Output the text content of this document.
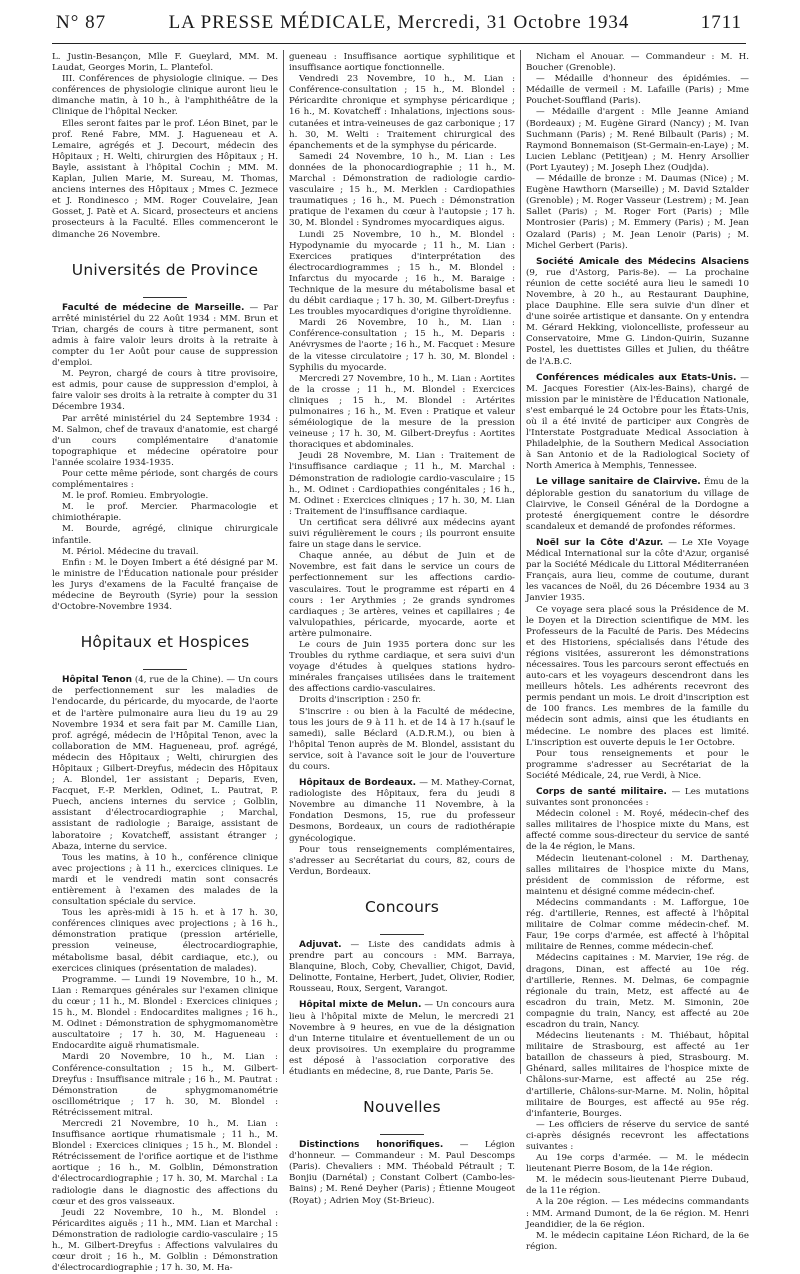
N° 87	LA PRESSE MÉDICALE, Mercredi, 31 Octobre 1934	1711

L. Justin-Besançon, Mlle F. Gueylard, MM. M. Laudat, Georges Morin, L. Plantefol.

III. Conférences de physiologie clinique. — Des conférences de physiologie clinique auront lieu le dimanche matin, à 10 h., à l'amphithéâtre de la Clinique de l'hôpital Necker.

Elles seront faites par le prof. Léon Binet, par le prof. René Fabre, MM. J. Hagueneau et A. Lemaire, agrégés et J. Decourt, médecin des Hôpitaux ; H. Welti, chirurgien des Hôpitaux ; H. Bayle, assistant à l'hôpital Cochin ; MM. M. Kaplan, Julien Marie, M. Sureau, M. Thomas, anciens internes des Hôpitaux ; Mmes C. Jezmece et J. Rondinesco ; MM. Roger Couvelaire, Jean Gosset, J. Patè et A. Sicard, prosecteurs et anciens prosecteurs à la Faculté. Elles commenceront le dimanche 26 Novembre.

Universités de Province

Faculté de médecine de Marseille. — Par arrêté ministériel du 22 Août 1934 : MM. Brun et Trian, chargés de cours à titre permanent, sont admis à faire valoir leurs droits à la retraite à compter du 1er Août pour cause de suppression d'emploi.

M. Peyron, chargé de cours à titre provisoire, est admis, pour cause de suppression d'emploi, à faire valoir ses droits à la retraite à compter du 31 Décembre 1934.

Par arrêté ministériel du 24 Septembre 1934 : M. Salmon, chef de travaux d'anatomie, est chargé d'un cours complémentaire d'anatomie topographique et médecine opératoire pour l'année scolaire 1934-1935.

Pour cette même période, sont chargés de cours complémentaires :

M. le prof. Romieu. Embryologie.

M. le prof. Mercier. Pharmacologie et chimiothérapie.

M. Bourde, agrégé, clinique chirurgicale infantile.

M. Périol. Médecine du travail.

Enfin : M. le Doyen Imbert a été désigné par M. le ministre de l'Éducation nationale pour présider les Jurys d'examens de la Faculté française de médecine de Beyrouth (Syrie) pour la session d'Octobre-Novembre 1934.

Hôpitaux et Hospices

Hôpital Tenon (4, rue de la Chine). — Un cours de perfectionnement sur les maladies de l'endocarde, du péricarde, du myocarde, de l'aorte et de l'artère pulmonaire aura lieu du 19 au 29 Novembre 1934 et sera fait par M. Camille Lian, prof. agrégé, médecin de l'Hôpital Tenon, avec la collaboration de MM. Hagueneau, prof. agrégé, médecin des Hôpitaux ; Welti, chirurgien des Hôpitaux ; Gilbert-Dreyfus, médecin des Hôpitaux ; A. Blondel, 1er assistant ; Deparis, Even, Facquet, F.-P. Merklen, Odinet, L. Pautrat, P. Puech, anciens internes du service ; Golblin, assistant d'électrocardiographie ; Marchal, assistant de radiologie ; Baraige, assistant de laboratoire ; Kovatcheff, assistant étranger ; Abaza, interne du service.

Tous les matins, à 10 h., conférence clinique avec projections ; à 11 h., exercices cliniques. Le mardi et le vendredi matin sont consacrés entièrement à l'examen des malades de la consultation spéciale du service.

Tous les après-midi à 15 h. et à 17 h. 30, conférences cliniques avec projections ; à 16 h., démonstration pratique (pression artérielle, pression veineuse, électrocardiographie, métabolisme basal, débit cardiaque, etc.), ou exercices cliniques (présentation de malades).

Programme. — Lundi 19 Novembre, 10 h., M. Lian : Remarques générales sur l'examen clinique du cœur ; 11 h., M. Blondel : Exercices cliniques ; 15 h., M. Blondel : Endocardites malignes ; 16 h., M. Odinet : Démonstration de sphygmomanomètre auscultatoire ; 17 h. 30, M. Hagueneau : Endocardite aiguë rhumatismale.

Mardi 20 Novembre, 10 h., M. Lian : Conférence-consultation ; 15 h., M. Gilbert-Dreyfus : Insuffisance mitrale ; 16 h., M. Pautrat : Démonstration de sphygmomanométrie oscillométrique ; 17 h. 30, M. Blondel : Rétrécissement mitral.

Mercredi 21 Novembre, 10 h., M. Lian : Insuffisance aortique rhumatismale ; 11 h., M. Blondel : Exercices cliniques ; 15 h., M. Blondel : Rétrécissement de l'orifice aortique et de l'isthme aortique ; 16 h., M. Golblin, Démonstration d'électrocardiographie ; 17 h. 30, M. Marchal : La radiologie dans le diagnostic des affections du cœur et des gros vaisseaux.

Jeudi 22 Novembre, 10 h., M. Blondel : Péricardites aiguës ; 11 h., MM. Lian et Marchal : Démonstration de radiologie cardio-vasculaire ; 15 h., M. Gilbert-Dreyfus : Affections valvulaires du cœur droit ; 16 h., M. Golblin : Démonstration d'électrocardiographie ; 17 h. 30, M. Ha-

gueneau : Insuffisance aortique syphilitique et insuffisance aortique fonctionnelle.

Vendredi 23 Novembre, 10 h., M. Lian : Conférence-consultation ; 15 h., M. Blondel : Péricardite chronique et symphyse péricardique ; 16 h., M. Kovatcheff : Inhalations, injections sous-cutanées et intra-veineuses de gaz carbonique ; 17 h. 30, M. Welti : Traitement chirurgical des épanchements et de la symphyse du péricarde.

Samedi 24 Novembre, 10 h., M. Lian : Les données de la phonocardiographie ; 11 h., M. Marchal : Démonstration de radiologie cardio-vasculaire ; 15 h., M. Merklen : Cardiopathies traumatiques ; 16 h., M. Puech : Démonstration pratique de l'examen du cœur à l'autopsie ; 17 h. 30, M. Blondel : Syndromes myocardiques aigus.

Lundi 25 Novembre, 10 h., M. Blondel : Hypodynamie du myocarde ; 11 h., M. Lian : Exercices pratiques d'interprétation des électrocardiogrammes ; 15 h., M. Blondel : Infarctus du myocarde ; 16 h., M. Baraige : Technique de la mesure du métabolisme basal et du débit cardiaque ; 17 h. 30, M. Gilbert-Dreyfus : Les troubles myocardiques d'origine thyroïdienne.

Mardi 26 Novembre, 10 h., M. Lian : Conférence-consultation ; 15 h., M. Deparis : Anévrysmes de l'aorte ; 16 h., M. Facquet : Mesure de la vitesse circulatoire ; 17 h. 30, M. Blondel : Syphilis du myocarde.

Mercredi 27 Novembre, 10 h., M. Lian : Aortites de la crosse ; 11 h., M. Blondel : Exercices cliniques ; 15 h., M. Blondel : Artérites pulmonaires ; 16 h., M. Even : Pratique et valeur séméiologique de la mesure de la pression veineuse ; 17 h. 30, M. Gilbert-Dreyfus : Aortites thoraciques et abdominales.

Jeudi 28 Novembre, M. Lian : Traitement de l'insuffisance cardiaque ; 11 h., M. Marchal : Démonstration de radiologie cardio-vasculaire ; 15 h., M. Odinet : Cardiopathies congénitales ; 16 h., M. Odinet : Exercices cliniques ; 17 h. 30, M. Lian : Traitement de l'insuffisance cardiaque.

Un certificat sera délivré aux médecins ayant suivi régulièrement le cours ; ils pourront ensuite faire un stage dans le service.

Chaque année, au début de Juin et de Novembre, est fait dans le service un cours de perfectionnement sur les affections cardio-vasculaires. Tout le programme est réparti en 4 cours : 1er Arythmies ; 2e grands syndromes cardiaques ; 3e artères, veines et capillaires ; 4e valvulopathies, péricarde, myocarde, aorte et artère pulmonaire.

Le cours de Juin 1935 portera donc sur les Troubles du rythme cardiaque, et sera suivi d'un voyage d'études à quelques stations hydro-minérales françaises utilisées dans le traitement des affections cardio-vasculaires.

Droits d'inscription : 250 fr.

S'inscrire : ou bien à la Faculté de médecine, tous les jours de 9 à 11 h. et de 14 à 17 h.(sauf le samedi), salle Béclard (A.D.R.M.), ou bien à l'hôpital Tenon auprès de M. Blondel, assistant du service, soit à l'avance soit le jour de l'ouverture du cours.

Hôpitaux de Bordeaux. — M. Mathey-Cornat, radiologiste des Hôpitaux, fera du jeudi 8 Novembre au dimanche 11 Novembre, à la Fondation Desmons, 15, rue du professeur Desmons, Bordeaux, un cours de radiothérapie gynécologique.

Pour tous renseignements complémentaires, s'adresser au Secrétariat du cours, 82, cours de Verdun, Bordeaux.

Concours

Adjuvat. — Liste des candidats admis à prendre part au concours : MM. Barraya, Blanquine, Bloch, Coby, Chevallier, Chigot, David, Delinotte, Fontaine, Herbert, Judet, Olivier, Rodier, Rousseau, Roux, Sergent, Varangot.

Hôpital mixte de Melun. — Un concours aura lieu à l'hôpital mixte de Melun, le mercredi 21 Novembre à 9 heures, en vue de la désignation d'un Interne titulaire et éventuellement de un ou deux provisoires. Un exemplaire du programme est déposé à l'association corporative des étudiants en médecine, 8, rue Dante, Paris 5e.

Nouvelles

Distinctions honorifiques. — Légion d'honneur. — Commandeur : M. Paul Descomps (Paris). Chevaliers : MM. Théobald Pétrault ; T. Bonjiu (Darnétal) ; Constant Colbert (Cambo-les-Bains) ; M. René Deyher (Paris) ; Étienne Mougeot (Royat) ; Adrien Moy (St-Brieuc).

Nicham el Anouar. — Commandeur : M. H. Boucher (Grenoble).

— Médaille d'honneur des épidémies. — Médaille de vermeil : M. Lafaille (Paris) ; Mme Pouchet-Souffland (Paris).

— Médaille d'argent : Mlle Jeanne Amiand (Bordeaux) ; M. Eugène Girard (Nancy) ; M. Ivan Suchmann (Paris) ; M. René Bilbault (Paris) ; M. Raymond Bonnemaison (St-Germain-en-Laye) ; M. Lucien Leblanc (Petitjean) ; M. Henry Arsollier (Port Lyautey) ; M. Joseph Lhez (Oudjda).

— Médaille de bronze : M. Daumas (Nice) ; M. Eugène Hawthorn (Marseille) ; M. David Sztalder (Grenoble) ; M. Roger Vasseur (Lestrem) ; M. Jean Sallet (Paris) ; M. Roger Fort (Paris) ; Mlle Montrosier (Paris) ; M. Emmery (Paris) ; M. Jean Ozalard (Paris) ; M. Jean Lenoir (Paris) ; M. Michel Gerbert (Paris).

Société Amicale des Médecins Alsaciens (9, rue d'Astorg, Paris-8e). — La prochaine réunion de cette société aura lieu le samedi 10 Novembre, à 20 h., au Restaurant Dauphine, place Dauphine. Elle sera suivie d'un dîner et d'une soirée artistique et dansante. On y entendra M. Gérard Hekking, violoncelliste, professeur au Conservatoire, Mme G. Lindon-Quirin, Suzanne Postel, les duettistes Gilles et Julien, du théâtre de l'A.B.C.

Conférences médicales aux Etats-Unis. — M. Jacques Forestier (Aix-les-Bains), chargé de mission par le ministère de l'Éducation Nationale, s'est embarqué le 24 Octobre pour les États-Unis, où il a été invité de participer aux Congrès de l'Interstate Postgraduate Medical Association à Philadelphie, de la Southern Medical Association à San Antonio et de la Radiological Society of North America à Memphis, Tennessee.

Le village sanitaire de Clairvive. Ému de la déplorable gestion du sanatorium du village de Clairvive, le Conseil Général de la Dordogne a protesté énergiquement contre le désordre scandaleux et demandé de profondes réformes.

Noël sur la Côte d'Azur. — Le XIe Voyage Médical International sur la côte d'Azur, organisé par la Société Médicale du Littoral Méditerranéen Français, aura lieu, comme de coutume, durant les vacances de Noël, du 26 Décembre 1934 au 3 Janvier 1935.

Ce voyage sera placé sous la Présidence de M. le Doyen et la Direction scientifique de MM. les Professeurs de la Faculté de Paris. Des Médecins et des Historiens, spécialisés dans l'étude des régions visitées, assureront les démonstrations nécessaires. Tous les parcours seront effectués en auto-cars et les voyageurs descendront dans les meilleurs hôtels. Les adhérents recevront des permis pendant un mois. Le droit d'inscription est de 100 francs. Les membres de la famille du médecin sont admis, ainsi que les étudiants en médecine. Le nombre des places est limité. L'inscription est ouverte depuis le 1er Octobre.

Pour tous renseignements et pour le programme s'adresser au Secrétariat de la Société Médicale, 24, rue Verdi, à Nice.

Corps de santé militaire. — Les mutations suivantes sont prononcées :

Médecin colonel : M. Royé, médecin-chef des salles militaires de l'hospice mixte du Mans, est affecté comme sous-directeur du service de santé de la 4e région, le Mans.

Médecin lieutenant-colonel : M. Darthenay, salles militaires de l'hospice mixte du Mans, président de commission de réforme, est maintenu et désigné comme médecin-chef.

Médecins commandants : M. Lafforgue, 10e rég. d'artillerie, Rennes, est affecté à l'hôpital militaire de Colmar comme médecin-chef. M. Faur, 19e corps d'armée, est affecté à l'hôpital militaire de Rennes, comme médecin-chef.

Médecins capitaines : M. Marvier, 19e rég. de dragons, Dinan, est affecté au 10e rég. d'artillerie, Rennes. M. Delmas, 6e compagnie régionale du train, Metz, est affecté au 4e escadron du train, Metz. M. Simonin, 20e compagnie du train, Nancy, est affecté au 20e escadron du train, Nancy.

Médecins lieutenants : M. Thiébaut, hôpital militaire de Strasbourg, est affecté au 1er bataillon de chasseurs à pied, Strasbourg. M. Ghénard, salles militaires de l'hospice mixte de Châlons-sur-Marne, est affecté au 25e rég. d'artillerie, Châlons-sur-Marne. M. Nolin, hôpital militaire de Bourges, est affecté au 95e rég. d'infanterie, Bourges.

— Les officiers de réserve du service de santé ci-après désignés recevront les affectations suivantes :

Au 19e corps d'armée. — M. le médecin lieutenant Pierre Bosom, de la 14e région.

M. le médecin sous-lieutenant Pierre Dubaud, de la 11e région.

A la 20e région. — Les médecins commandants : MM. Armand Dumont, de la 6e région. M. Henri Jeandidier, de la 6e région.

M. le médecin capitaine Léon Richard, de la 6e région.
